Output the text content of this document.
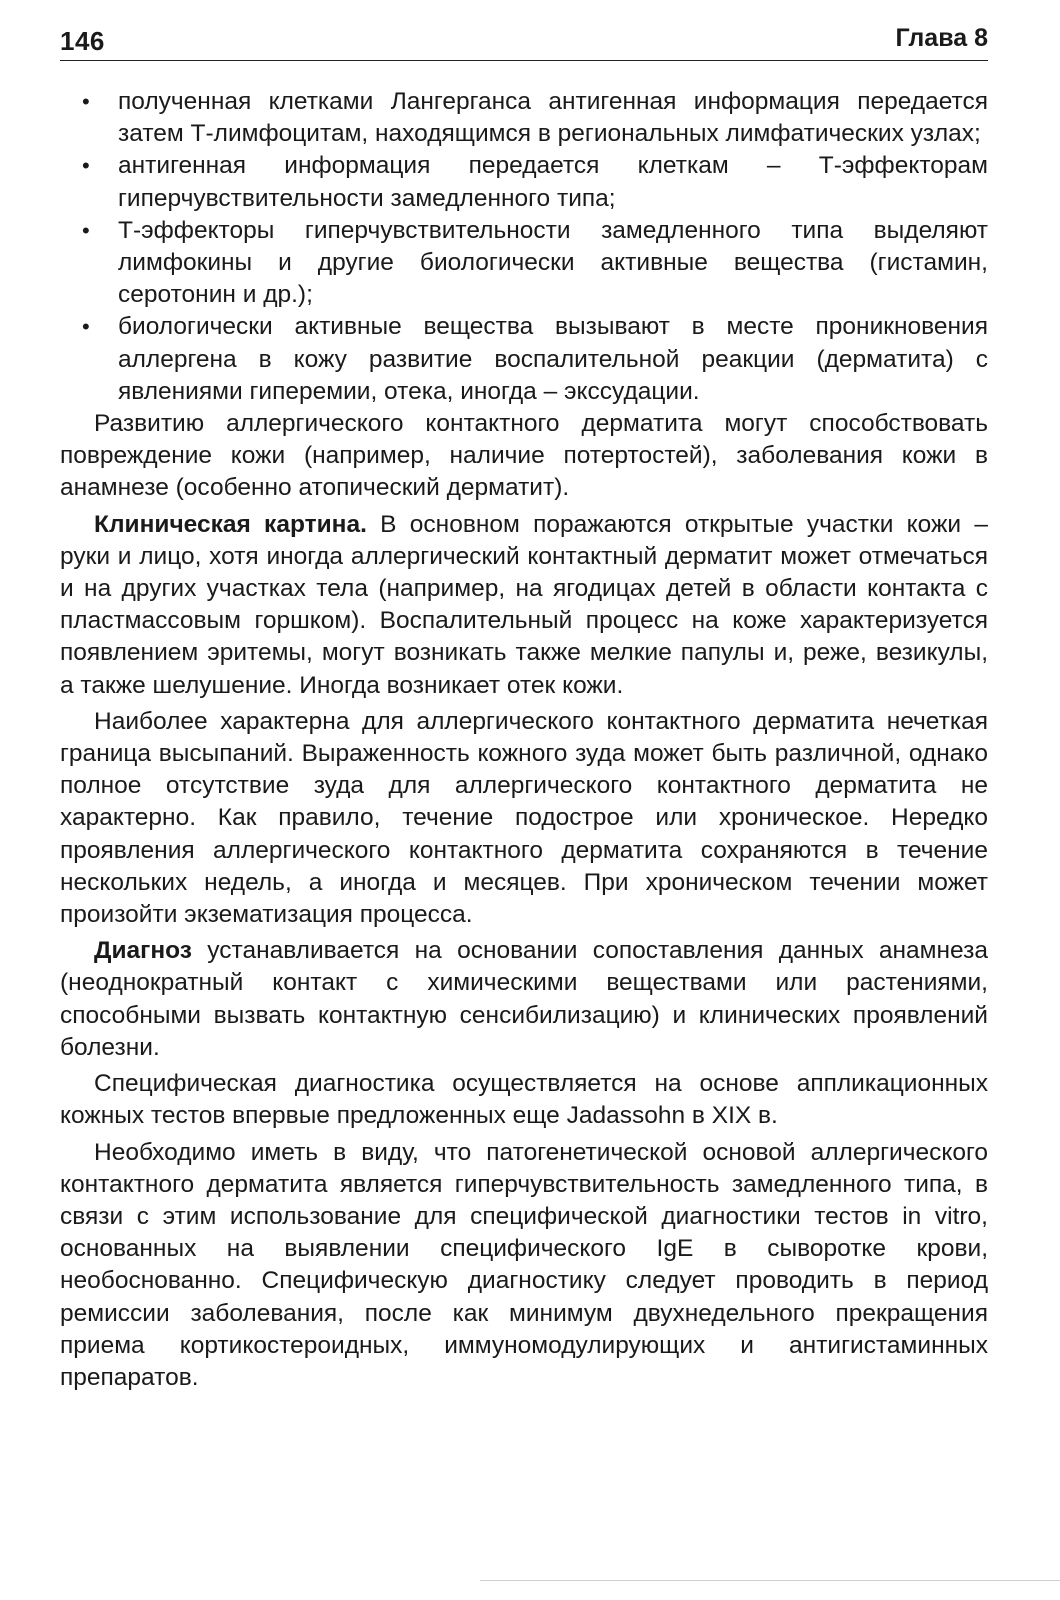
146	Глава 8
• полученная клетками Лангерганса антигенная информация передается затем Т-лимфоцитам, находящимся в региональных лимфатических узлах;
• антигенная информация передается клеткам – Т-эффекторам гиперчувствительности замедленного типа;
• Т-эффекторы гиперчувствительности замедленного типа выделяют лимфокины и другие биологически активные вещества (гистамин, серотонин и др.);
• биологически активные вещества вызывают в месте проникновения аллергена в кожу развитие воспалительной реакции (дерматита) с явлениями гиперемии, отека, иногда – экссудации.

Развитию аллергического контактного дерматита могут способствовать повреждение кожи (например, наличие потертостей), заболевания кожи в анамнезе (особенно атопический дерматит).

Клиническая картина. В основном поражаются открытые участки кожи – руки и лицо, хотя иногда аллергический контактный дерматит может отмечаться и на других участках тела (например, на ягодицах детей в области контакта с пластмассовым горшком). Воспалительный процесс на коже характеризуется появлением эритемы, могут возникать также мелкие папулы и, реже, везикулы, а также шелушение. Иногда возникает отек кожи.

Наиболее характерна для аллергического контактного дерматита нечеткая граница высыпаний. Выраженность кожного зуда может быть различной, однако полное отсутствие зуда для аллергического контактного дерматита не характерно. Как правило, течение подострое или хроническое. Нередко проявления аллергического контактного дерматита сохраняются в течение нескольких недель, а иногда и месяцев. При хроническом течении может произойти экзематизация процесса.

Диагноз устанавливается на основании сопоставления данных анамнеза (неоднократный контакт с химическими веществами или растениями, способными вызвать контактную сенсибилизацию) и клинических проявлений болезни.

Специфическая диагностика осуществляется на основе аппликационных кожных тестов впервые предложенных еще Jadassohn в XIX в.

Необходимо иметь в виду, что патогенетической основой аллергического контактного дерматита является гиперчувствительность замедленного типа, в связи с этим использование для специфической диагностики тестов in vitro, основанных на выявлении специфического IgE в сыворотке крови, необоснованно. Специфическую диагностику следует проводить в период ремиссии заболевания, после как минимум двухнедельного прекращения приема кортикостероидных, иммуномодулирующих и антигистаминных препаратов.
